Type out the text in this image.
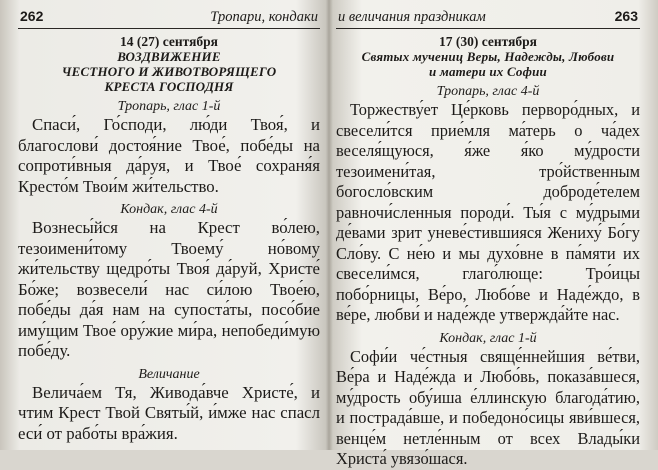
262	Тропари, кондаки
14 (27) сентября
ВОЗДВИЖЕНИЕ
ЧЕСТНОГО И ЖИВОТВОРЯЩЕГО
КРЕСТА ГОСПОДНЯ
Тропарь, глас 1-й

Спаси́, Го́споди, лю́ди Твоя́, и благослови́ достоя́ние Твое́, побе́ды на сопроти́вныя да́руя, и Твое́ сохраня́я Кресто́м Твои́м жи́тельство.

Кондак, глас 4-й

Вознесы́йся на Крест во́лею, тезоимени́тому Твоему́ но́вому жи́тельству щедро́ты Твоя́ да́руй, Христе́ Бо́же; возвесели́ нас си́лою Твое́ю, побе́ды да́я нам на супоста́ты, посо́бие иму́щим Твое́ ору́жие ми́ра, непобеди́мую побе́ду.

Величание

Велича́ем Тя, Живода́вче Христе́, и чтим Крест Твой Святы́й, и́мже нас спасл еси́ от рабо́ты вра́жия.

и величания праздникам	263
17 (30) сентября
Святых мучениц Веры, Надежды, Любови
и матери их Софии
Тропарь, глас 4-й

Торжеству́ет Це́рковь перворо́дных, и свесели́тся прие́мля ма́терь о ча́дех веселя́щуюся, я́же я́ко му́дрости тезоимени́тая, тро́йственным богосло́вским доброде́телем равночи́сленныя породи́. Ты́я с му́дрыми де́вами зрит уневе́стившияся Жениху́ Бо́гу Сло́ву. С не́ю и мы духо́вне в па́мяти их свесели́мся, глаго́люще: Тро́ицы побо́рницы, Ве́ро, Любо́ве и Наде́ждо, в ве́ре, любви́ и наде́жде утвержда́йте нас.

Кондак, глас 1-й

Софи́и че́стныя свяще́ннейшия ве́тви, Ве́ра и Наде́жда и Любо́вь, показа́вшеся, му́дрость обу́иша е́ллинскую благода́тию, и пострада́вше, и победоно́сицы яви́вшеся, венце́м нетле́нным от всех Влады́ки Христа́ увязо́шася.
